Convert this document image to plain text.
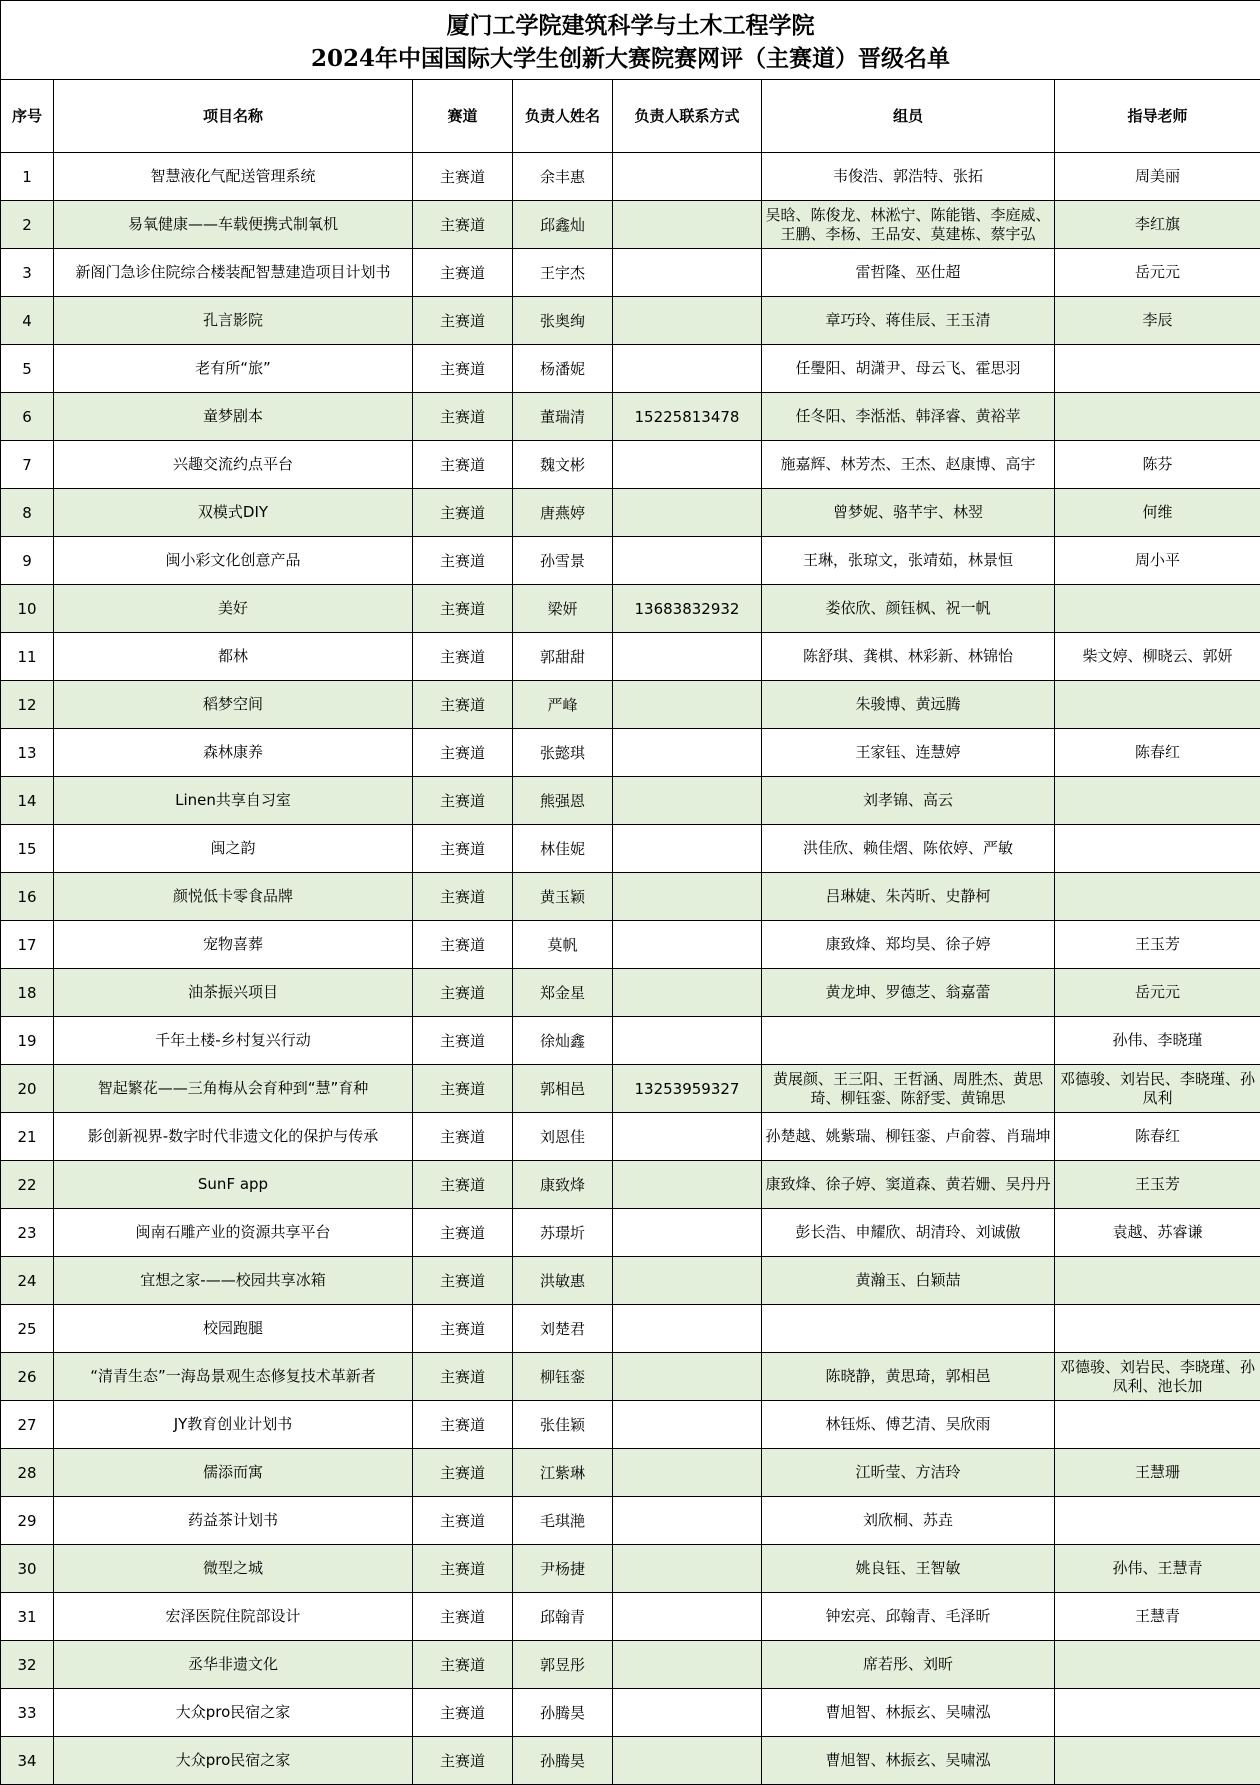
厦门工学院建筑科学与土木工程学院
2024年中国国际大学生创新大赛院赛网评（主赛道）晋级名单						

序号	项目名称	赛道	负责人姓名	负责人联系方式	组员	指导老师
1	智慧液化气配送管理系统	主赛道	余丰惠		韦俊浩、郭浩特、张拓	周美丽
2	易氧健康——车载便携式制氧机	主赛道	邱鑫灿		吴晗、陈俊龙、林淞宁、陈能锴、李庭威、王鹏、李杨、王品安、莫建栋、蔡宇弘	李红旗
3	新阁门急诊住院综合楼装配智慧建造项目计划书	主赛道	王宇杰		雷哲隆、巫仕超	岳元元
4	孔言影院	主赛道	张奥绚		章巧玲、蒋佳辰、王玉清	李辰
5	老有所“旅”	主赛道	杨潘妮		任璺阳、胡潇尹、母云飞、霍思羽	
6	童梦剧本	主赛道	董瑞清	15225813478	任冬阳、李湉湉、韩泽睿、黄裕苹	
7	兴趣交流约点平台	主赛道	魏文彬		施嘉辉、林芳杰、王杰、赵康博、高宇	陈芬
8	双模式DIY	主赛道	唐燕婷		曾梦妮、骆芊宇、林翌	何维
9	闽小彩文化创意产品	主赛道	孙雪景		王琳，张琼文，张靖茹，林景恒	周小平
10	美好	主赛道	梁妍	13683832932	娄依欣、颜钰枫、祝一帆	
11	都林	主赛道	郭甜甜		陈舒琪、龚棋、林彩新、林锦怡	柴文婷、柳晓云、郭妍
12	稻梦空间	主赛道	严峰		朱骏博、黄远腾	
13	森林康养	主赛道	张懿琪		王家钰、连慧婷	陈春红
14	Linen共享自习室	主赛道	熊强恩		刘孝锦、高云	
15	闽之韵	主赛道	林佳妮		洪佳欣、赖佳熠、陈依婷、严敏	
16	颜悦低卡零食品牌	主赛道	黄玉颖		吕琳婕、朱芮昕、史静柯	
17	宠物喜葬	主赛道	莫帆		康致烽、郑均昊、徐子婷	王玉芳
18	油茶振兴项目	主赛道	郑金星		黄龙坤、罗德芝、翁嘉蕾	岳元元
19	千年土楼-乡村复兴行动	主赛道	徐灿鑫			孙伟、李晓瑾
20	智起繁花——三角梅从会育种到“慧”育种	主赛道	郭相邑	13253959327	黄展颜、王三阳、王哲涵、周胜杰、黄思琦、柳钰銮、陈舒雯、黄锦思	邓德骏、刘岩民、李晓瑾、孙凤利
21	影创新视界-数字时代非遗文化的保护与传承	主赛道	刘恩佳		孙楚越、姚紫瑞、柳钰銮、卢俞蓉、肖瑞坤	陈春红
22	SunF app	主赛道	康致烽		康致烽、徐子婷、窦道森、黄若姗、吴丹丹	王玉芳
23	闽南石雕产业的资源共享平台	主赛道	苏璟圻		彭长浩、申耀欣、胡清玲、刘诚傲	袁越、苏睿谦
24	宜想之家-——校园共享冰箱	主赛道	洪敏惠		黄瀚玉、白颖喆	
25	校园跑腿	主赛道	刘楚君			
26	“清青生态”一海岛景观生态修复技术革新者	主赛道	柳钰銮		陈晓静，黄思琦，郭相邑	邓德骏、刘岩民、李晓瑾、孙凤利、池长加
27	JY教育创业计划书	主赛道	张佳颖		林钰烁、傅艺清、吴欣雨	
28	儒添而寓	主赛道	江紫琳		江昕莹、方洁玲	王慧珊
29	药益茶计划书	主赛道	毛琪滟		刘欣桐、苏垚	
30	微型之城	主赛道	尹杨捷		姚良钰、王智敏	孙伟、王慧青
31	宏泽医院住院部设计	主赛道	邱翰青		钟宏亮、邱翰青、毛泽昕	王慧青
32	丞华非遗文化	主赛道	郭昱彤		席若彤、刘昕	
33	大众pro民宿之家	主赛道	孙腾昊		曹旭智、林振玄、吴啸泓	
34	大众pro民宿之家	主赛道	孙腾昊		曹旭智、林振玄、吴啸泓	
